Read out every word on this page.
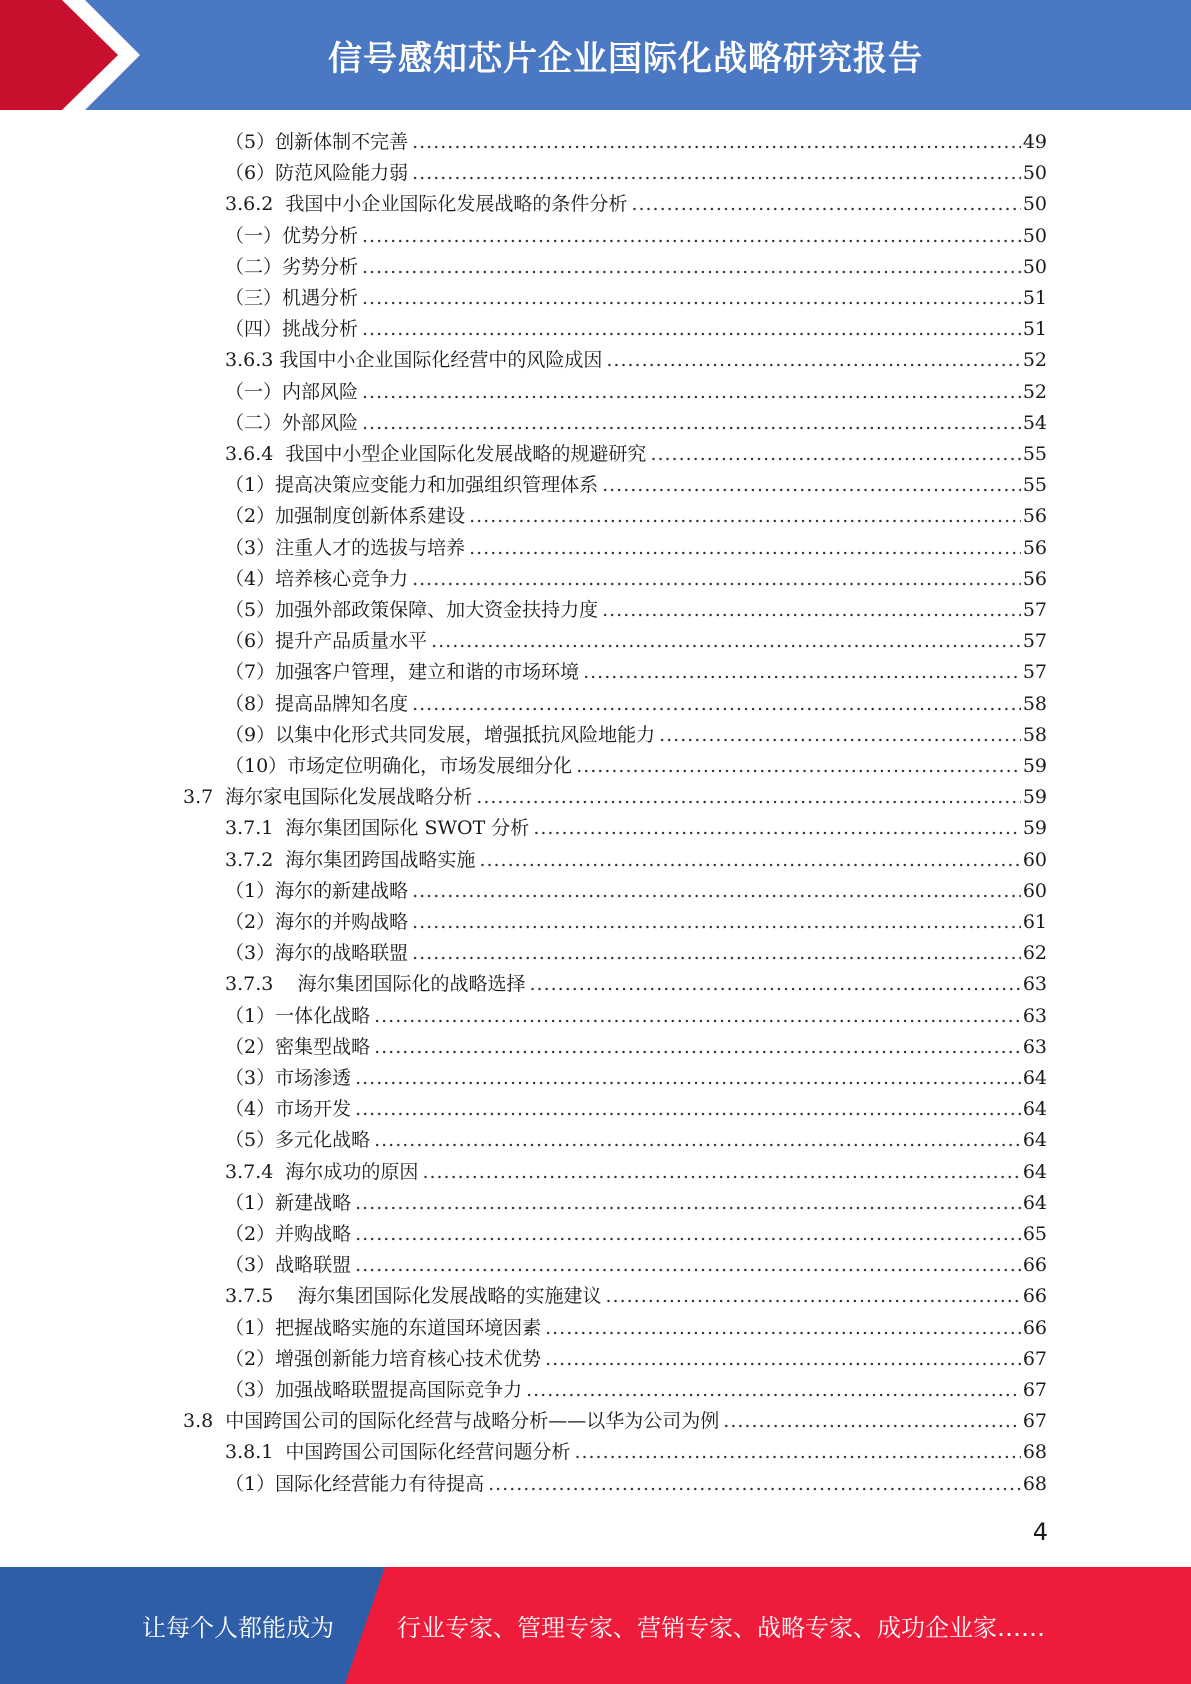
信号感知芯片企业国际化战略研究报告
（5）创新体制不完善 .....	49
（6）防范风险能力弱 .....	50
3.6.2  我国中小企业国际化发展战略的条件分析 .....	50
（一）优势分析 .....	50
（二）劣势分析 .....	50
（三）机遇分析 .....	51
（四）挑战分析 .....	51
3.6.3 我国中小企业国际化经营中的风险成因 .....	52
（一）内部风险 .....	52
（二）外部风险 .....	54
3.6.4  我国中小型企业国际化发展战略的规避研究 .....	55
（1）提高决策应变能力和加强组织管理体系 .....	55
（2）加强制度创新体系建设 .....	56
（3）注重人才的选拔与培养 .....	56
（4）培养核心竞争力 .....	56
（5）加强外部政策保障、加大资金扶持力度 .....	57
（6）提升产品质量水平 .....	57
（7）加强客户管理，建立和谐的市场环境 .....	57
（8）提高品牌知名度 .....	58
（9）以集中化形式共同发展，增强抵抗风险地能力 .....	58
（10）市场定位明确化，市场发展细分化 .....	59
3.7  海尔家电国际化发展战略分析 .....	59
3.7.1  海尔集团国际化 SWOT 分析 .....	59
3.7.2  海尔集团跨国战略实施 .....	60
（1）海尔的新建战略 .....	60
（2）海尔的并购战略 .....	61
（3）海尔的战略联盟 .....	62
3.7.3    海尔集团国际化的战略选择 .....	63
（1）一体化战略 .....	63
（2）密集型战略 .....	63
（3）市场渗透 .....	64
（4）市场开发 .....	64
（5）多元化战略 .....	64
3.7.4  海尔成功的原因 .....	64
（1）新建战略 .....	64
（2）并购战略 .....	65
（3）战略联盟 .....	66
3.7.5    海尔集团国际化发展战略的实施建议 .....	66
（1）把握战略实施的东道国环境因素 .....	66
（2）增强创新能力培育核心技术优势 .....	67
（3）加强战略联盟提高国际竞争力 .....	67
3.8  中国跨国公司的国际化经营与战略分析——以华为公司为例 .....	67
3.8.1  中国跨国公司国际化经营问题分析 .....	68
（1）国际化经营能力有待提高 .....	68
4
让每个人都能成为	行业专家、管理专家、营销专家、战略专家、成功企业家……
